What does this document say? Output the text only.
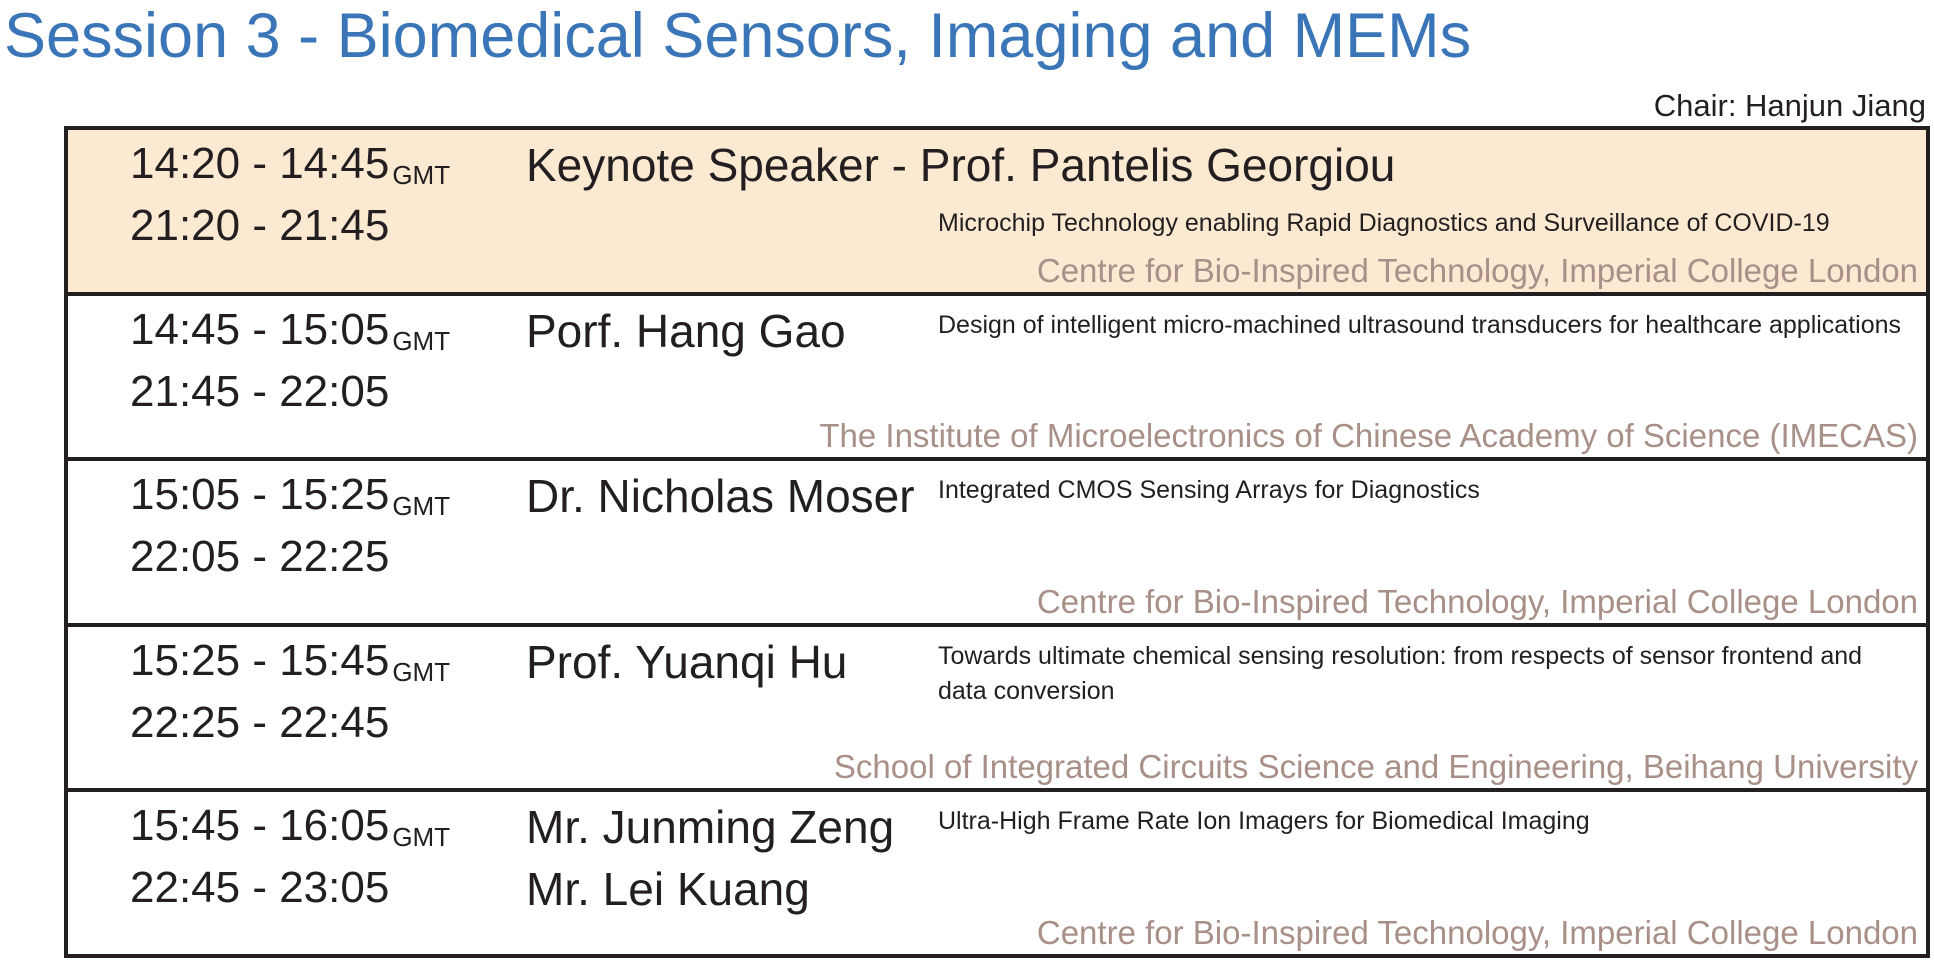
Session 3 - Biomedical Sensors, Imaging and MEMs
Chair: Hanjun Jiang
14:20 - 14:45 GMT
21:20 - 21:45
Keynote Speaker - Prof. Pantelis Georgiou
Microchip Technology enabling Rapid Diagnostics and Surveillance of COVID-19
Centre for Bio-Inspired Technology, Imperial College London
14:45 - 15:05 GMT
21:45 - 22:05
Porf. Hang Gao	Design of intelligent micro-machined ultrasound transducers for healthcare applications
The Institute of Microelectronics of Chinese Academy of Science (IMECAS)
15:05 - 15:25 GMT
22:05 - 22:25
Dr. Nicholas Moser Integrated CMOS Sensing Arrays for Diagnostics
Centre for Bio-Inspired Technology, Imperial College London
15:25 - 15:45 GMT
22:25 - 22:45
Prof. Yuanqi Hu	Towards ultimate chemical sensing resolution: from respects of sensor frontend and data conversion
School of Integrated Circuits Science and Engineering, Beihang University
15:45 - 16:05 GMT
22:45 - 23:05
Mr. Junming Zeng
Mr. Lei Kuang
Ultra-High Frame Rate Ion Imagers for Biomedical Imaging
Centre for Bio-Inspired Technology, Imperial College London
